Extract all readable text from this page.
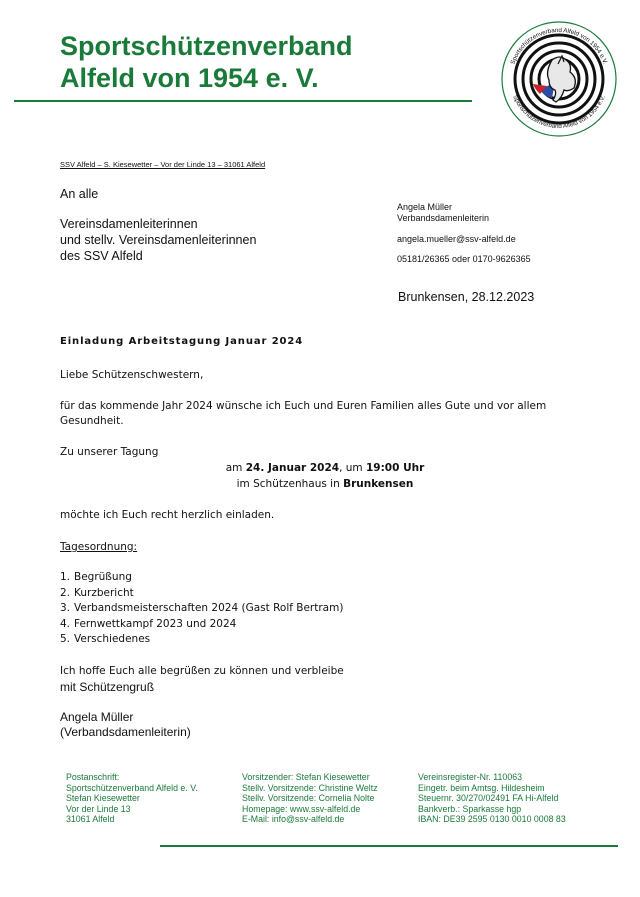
Sportschützenverband
Alfeld von 1954 e. V.
Sportschützenverband Alfeld von 1954 e.V.
Sportschützenverband Alfeld von 1954 e.V.
SSV Alfeld – S. Kiesewetter – Vor der Linde 13 – 31061 Alfeld
An alle
Vereinsdamenleiterinnen
und stellv. Vereinsdamenleiterinnen
des SSV Alfeld
Angela Müller
Verbandsdamenleiterin
angela.mueller@ssv-alfeld.de
05181/26365 oder 0170-9626365
Brunkensen, 28.12.2023
Einladung Arbeitstagung Januar 2024
Liebe Schützenschwestern,
für das kommende Jahr 2024 wünsche ich Euch und Euren Familien alles Gute und vor allem
Gesundheit.
Zu unserer Tagung
am 24. Januar 2024, um 19:00 Uhr
im Schützenhaus in Brunkensen
möchte ich Euch recht herzlich einladen.
Tagesordnung:
1. Begrüßung
2. Kurzbericht
3. Verbandsmeisterschaften 2024 (Gast Rolf Bertram)
4. Fernwettkampf 2023 und 2024
5. Verschiedenes
Ich hoffe Euch alle begrüßen zu können und verbleibe
mit Schützengruß
Angela Müller
(Verbandsdamenleiterin)
Postanschrift:
Sportschützenverband Alfeld e. V.
Stefan Kiesewetter
Vor der Linde 13
31061 Alfeld
Vorsitzender: Stefan Kiesewetter
Stellv. Vorsitzende: Christine Weltz
Stellv. Vorsitzende: Cornelia Nolte
Homepage: www.ssv-alfeld.de
E-Mail: info@ssv-alfeld.de
Vereinsregister-Nr. 110063
Eingetr. beim Amtsg. Hildesheim
Steuernr. 30/270/02491 FA Hi-Alfeld
Bankverb.: Sparkasse hgp
IBAN: DE39 2595 0130 0010 0008 83
